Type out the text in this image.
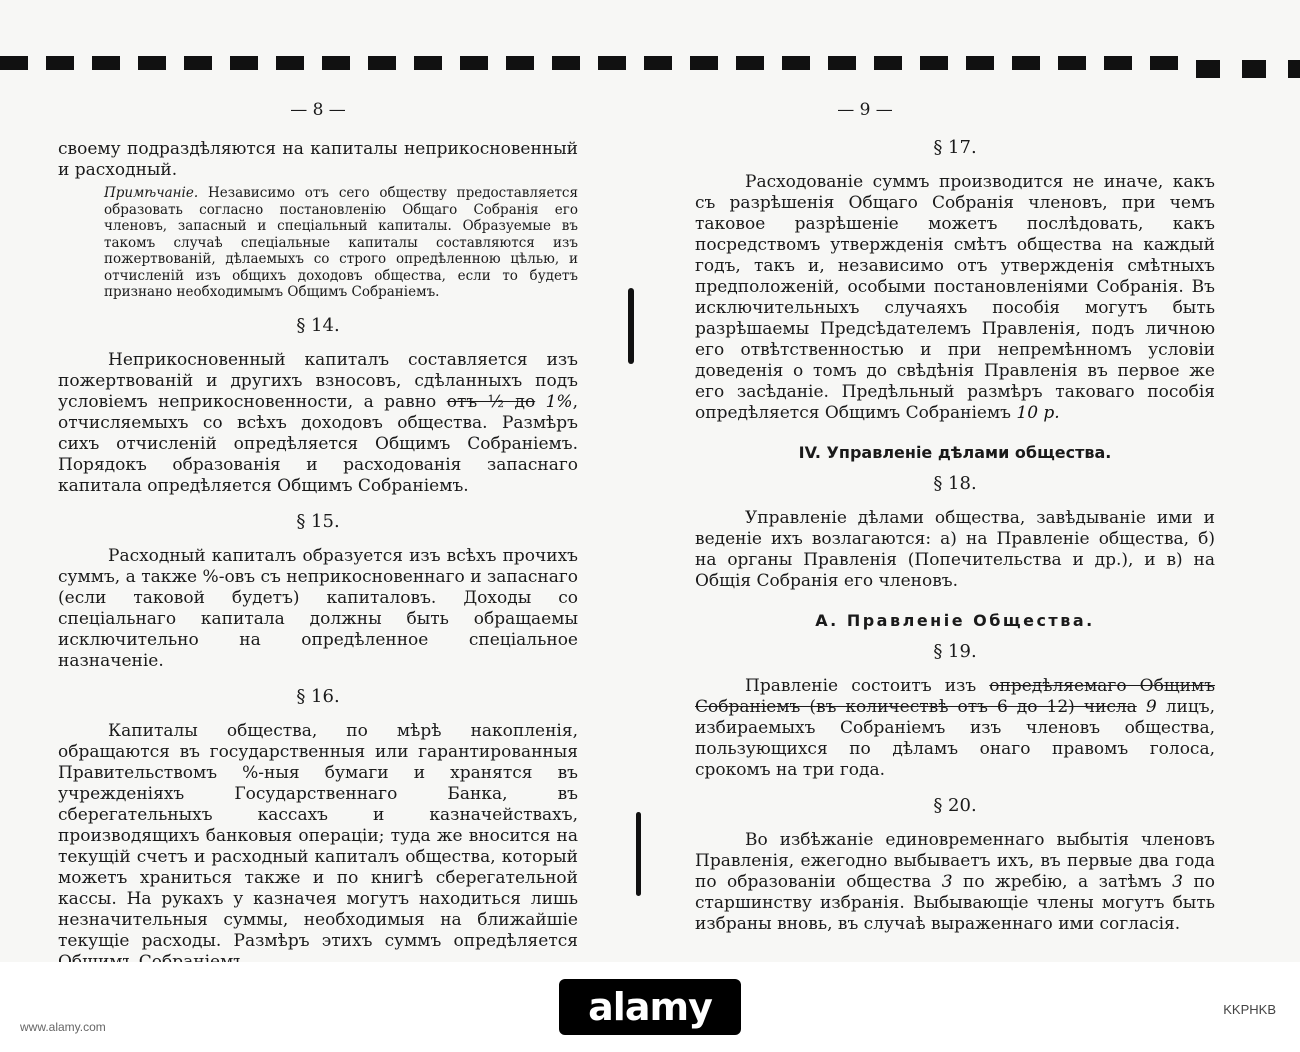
— 8 —

своему подраздѣляются на капиталы неприкосновенный и расходный.

Примѣчаніе. Независимо отъ сего обществу предоставляется образовать согласно постановленію Общаго Собранія его членовъ, запасный и спеціальный капиталы. Образуемые въ такомъ случаѣ спеціальные капиталы составляются изъ пожертвованій, дѣлаемыхъ со строго опредѣленною цѣлью, и отчисленій изъ общихъ доходовъ общества, если то будетъ признано необходимымъ Общимъ Собраніемъ.
§ 14.

Неприкосновенный капиталъ составляется изъ пожертвованій и другихъ взносовъ, сдѣланныхъ подъ условіемъ неприкосновенности, а равно отъ ½ до 1%, отчисляемыхъ со всѣхъ доходовъ общества. Размѣръ сихъ отчисленій опредѣляется Общимъ Собраніемъ. Порядокъ образованія и расходованія запаснаго капитала опредѣляется Общимъ Собраніемъ.

§ 15.

Расходный капиталъ образуется изъ всѣхъ прочихъ суммъ, а также %-овъ съ неприкосновеннаго и запаснаго (если таковой будетъ) капиталовъ. Доходы со спеціальнаго капитала должны быть обращаемы исключительно на опредѣленное спеціальное назначеніе.

§ 16.

Капиталы общества, по мѣрѣ накопленія, обращаются въ государственныя или гарантированныя Правительствомъ %-ныя бумаги и хранятся въ учрежденіяхъ Государственнаго Банка, въ сберегательныхъ кассахъ и казначействахъ, производящихъ банковыя операціи; туда же вносится на текущій счетъ и расходный капиталъ общества, который можетъ храниться также и по книгѣ сберегательной кассы. На рукахъ у казначея могутъ находиться лишь незначительныя суммы, необходимыя на ближайшіе текущіе расходы. Размѣръ этихъ суммъ опредѣляется

— 9 —
§ 17.

Расходованіе суммъ производится не иначе, какъ съ разрѣшенія Общаго Собранія членовъ, при чемъ таковое разрѣшеніе можетъ послѣдовать, какъ посредствомъ утвержденія смѣтъ общества на каждый годъ, такъ и, независимо отъ утвержденія смѣтныхъ предположеній, особыми постановленіями Собранія. Въ исключительныхъ случаяхъ пособія могутъ быть разрѣшаемы Предсѣдателемъ Правленія, подъ личною его отвѣтственностью и при непремѣнномъ условіи доведенія о томъ до свѣдѣнія Правленія въ первое же его засѣданіе. Предѣльный размѣръ таковаго пособія опредѣляется Общимъ Собраніемъ 10 р.

IV. Управленіе дѣлами общества.
§ 18.

Управленіе дѣлами общества, завѣдываніе ими и веденіе ихъ возлагаются: а) на Правленіе общества, б) на органы Правленія (Попечительства и др.), и в) на Общія Собранія его членовъ.

А. Правленіе Общества.
§ 19.

Правленіе состоитъ изъ опредѣляемаго Общимъ Собраніемъ (въ количествѣ отъ 6 до 12) числа 9 лицъ, избираемыхъ Собраніемъ изъ членовъ общества, пользующихся по дѣламъ онаго правомъ голоса, срокомъ на три года.

§ 20.

Во избѣжаніе единовременнаго выбытія членовъ Правленія, ежегодно выбываетъ ихъ, въ первые два года по образованіи общества 3 по жребію, а затѣмъ 3 по старшинству избранія. Выбывающіе члены могутъ быть избраны вновь, въ случаѣ выраженнаго ими согласія.

alamy	KKPHKB
www.alamy.com
